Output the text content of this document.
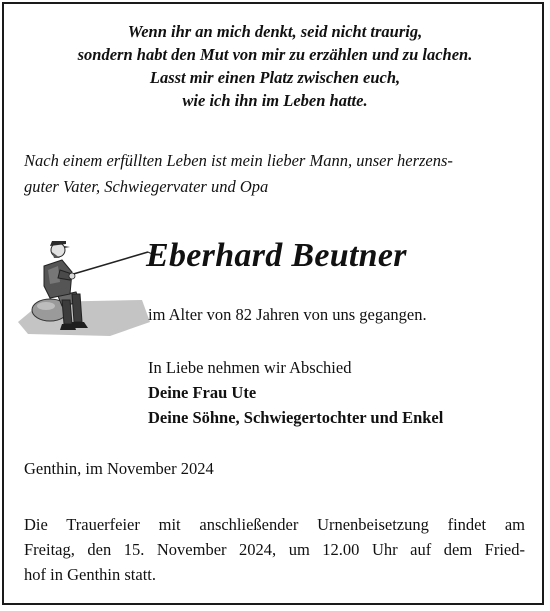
Wenn ihr an mich denkt, seid nicht traurig,
sondern habt den Mut von mir zu erzählen und zu lachen.
Lasst mir einen Platz zwischen euch,
wie ich ihn im Leben hatte.
Nach einem erfüllten Leben ist mein lieber Mann, unser herzens-
guter Vater, Schwiegervater und Opa
Eberhard Beutner
im Alter von 82 Jahren von uns gegangen.
In Liebe nehmen wir Abschied
Deine Frau Ute
Deine Söhne, Schwiegertochter und Enkel
Genthin, im November 2024
Die Trauerfeier mit anschließender Urnenbeisetzung findet am
Freitag, den 15. November 2024, um 12.00 Uhr auf dem Fried-
hof in Genthin statt.
